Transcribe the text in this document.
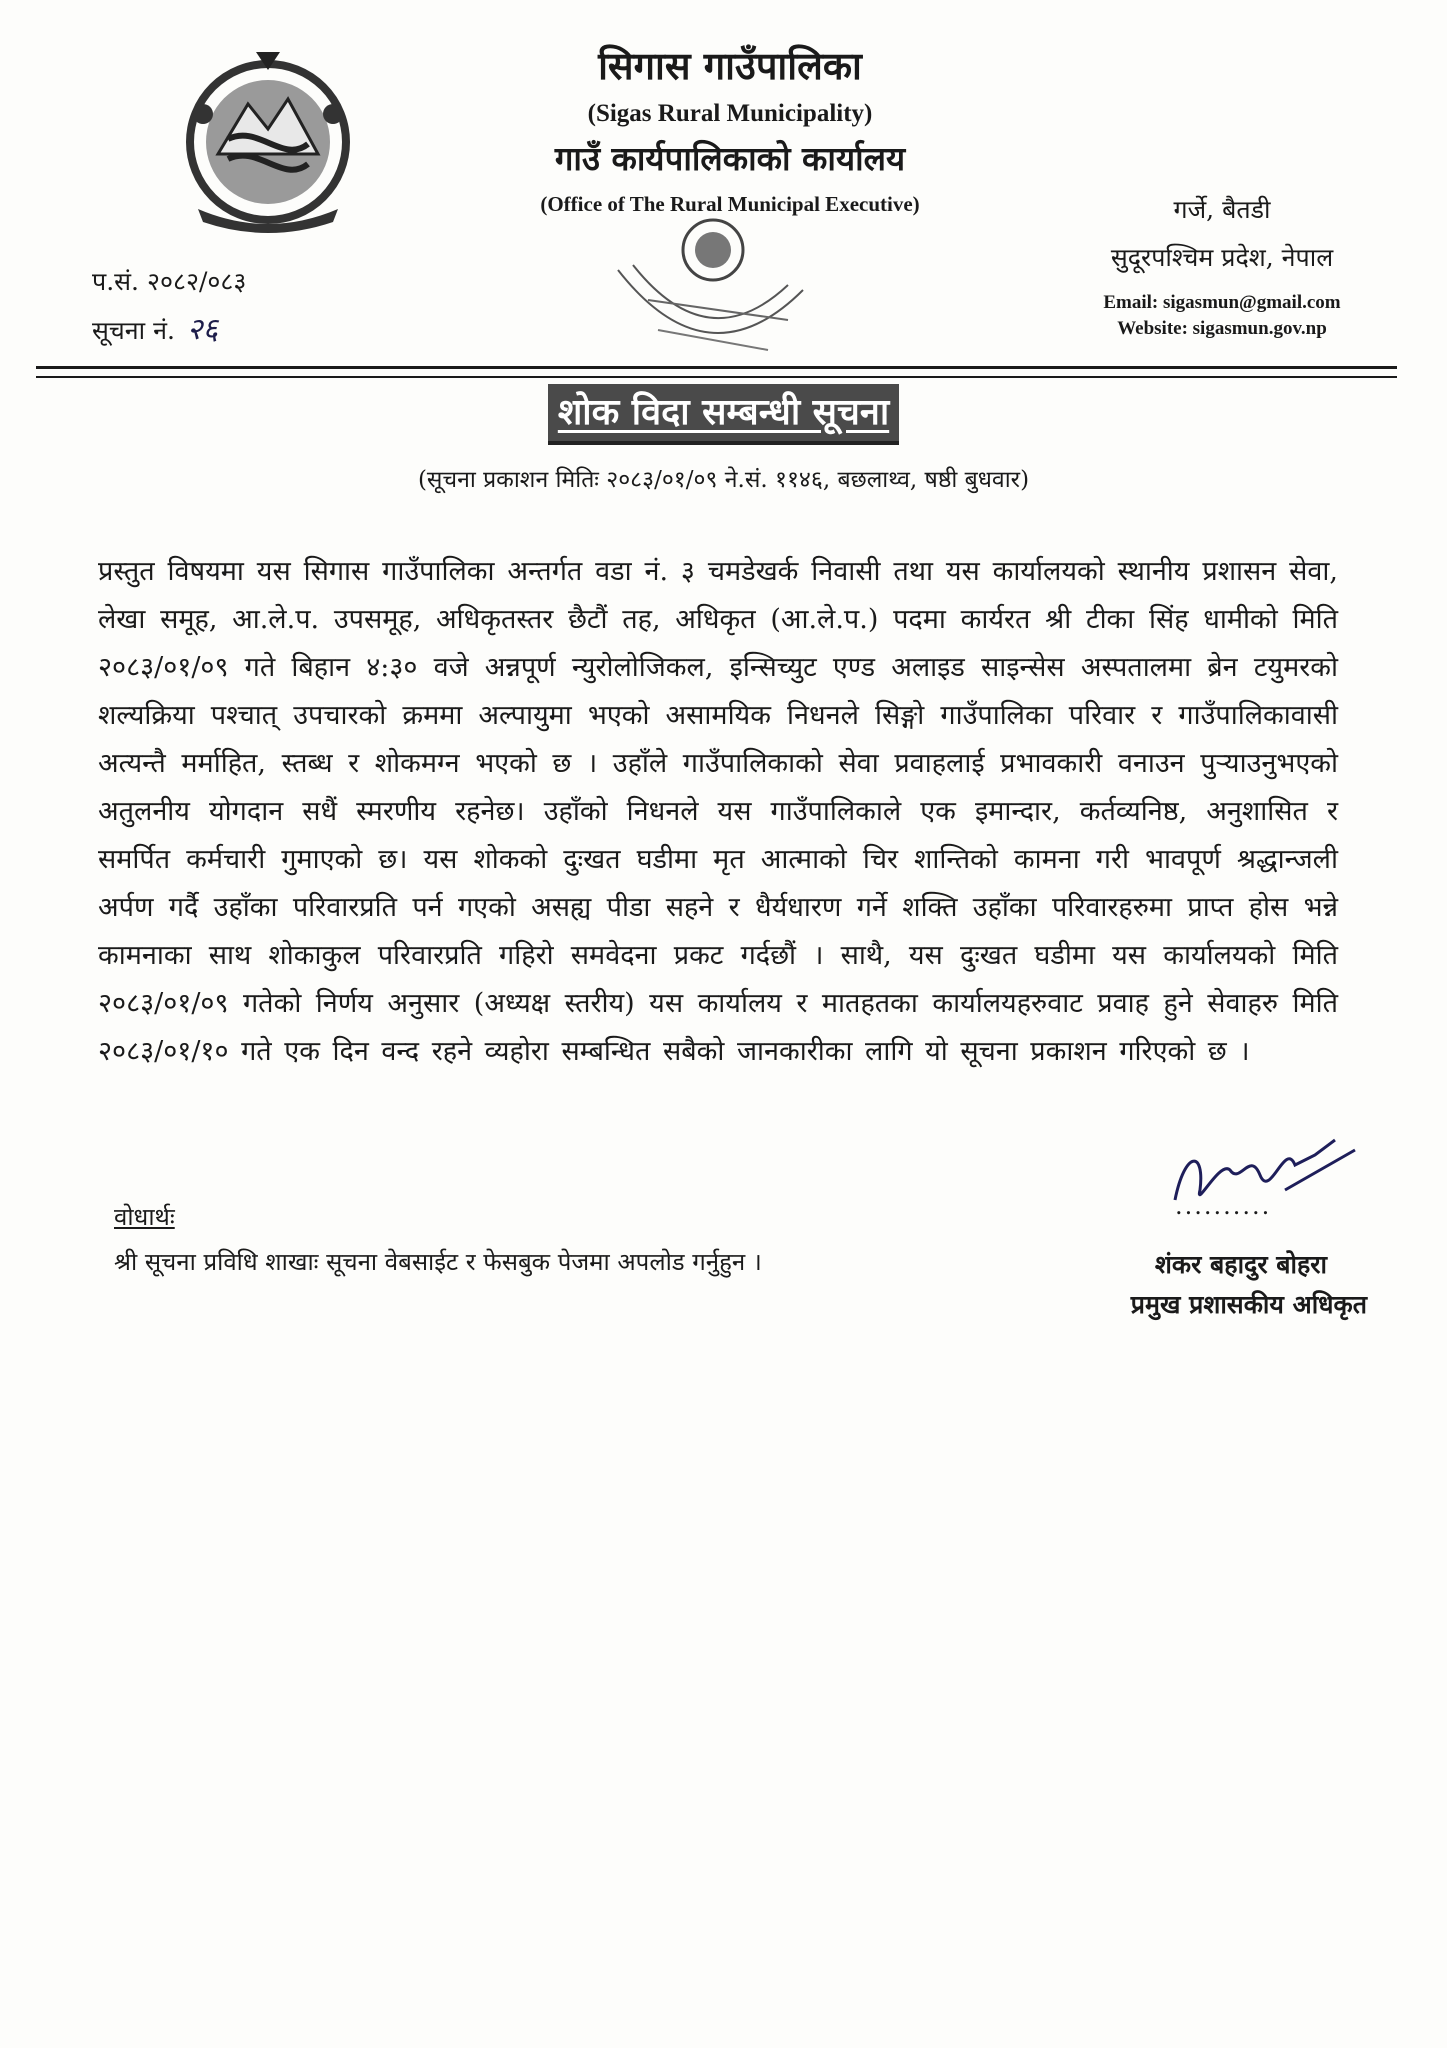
सिगास गाउँपालिका

(Sigas Rural Municipality)

गाउँ कार्यपालिकाको कार्यालय

(Office of The Rural Municipal Executive)	गर्जे, बैतडी
सुदूरपश्चिम प्रदेश, नेपाल
Email: sigasmun@gmail.com
Website: sigasmun.gov.np
प.सं. २०८२/०८३
सूचना नं. २६
शोक विदा सम्बन्धी सूचना
(सूचना प्रकाशन मितिः २०८३/०१/०९ ने.सं. ११४६, बछलाथ्व, षष्ठी बुधवार)
प्रस्तुत विषयमा यस सिगास गाउँपालिका अन्तर्गत वडा नं. ३ चमडेखर्क निवासी तथा यस कार्यालयको स्थानीय प्रशासन सेवा, लेखा समूह, आ.ले.प. उपसमूह, अधिकृतस्तर छैटौं तह, अधिकृत (आ.ले.प.) पदमा कार्यरत श्री टीका सिंह धामीको मिति २०८३/०१/०९ गते बिहान ४:३० वजे अन्नपूर्ण न्युरोलोजिकल, इन्सिच्युट एण्ड अलाइड साइन्सेस अस्पतालमा ब्रेन टयुमरको शल्यक्रिया पश्चात् उपचारको क्रममा अल्पायुमा भएको असामयिक निधनले सिङ्गो गाउँपालिका परिवार र गाउँपालिकावासी अत्यन्तै मर्माहित, स्तब्ध र शोकमग्न भएको छ । उहाँले गाउँपालिकाको सेवा प्रवाहलाई प्रभावकारी वनाउन पुऱ्याउनुभएको अतुलनीय योगदान सधैं स्मरणीय रहनेछ। उहाँको निधनले यस गाउँपालिकाले एक इमान्दार, कर्तव्यनिष्ठ, अनुशासित र समर्पित कर्मचारी गुमाएको छ। यस शोकको दुःखत घडीमा मृत आत्माको चिर शान्तिको कामना गरी भावपूर्ण श्रद्धान्जली अर्पण गर्दै उहाँका परिवारप्रति पर्न गएको असह्य पीडा सहने र धैर्यधारण गर्ने शक्ति उहाँका परिवारहरुमा प्राप्त होस भन्ने कामनाका साथ शोकाकुल परिवारप्रति गहिरो समवेदना प्रकट गर्दछौं । साथै, यस दुःखत घडीमा यस कार्यालयको मिति २०८३/०१/०९ गतेको निर्णय अनुसार (अध्यक्ष स्तरीय) यस कार्यालय र मातहतका कार्यालयहरुवाट प्रवाह हुने सेवाहरु मिति २०८३/०१/१० गते एक दिन वन्द रहने व्यहोरा सम्बन्धित सबैको जानकारीका लागि यो सूचना प्रकाशन गरिएको छ ।
..........
वोधार्थः
श्री सूचना प्रविधि शाखाः सूचना वेबसाईट र फेसबुक पेजमा अपलोड गर्नुहुन ।	शंकर बहादुर बोहरा
प्रमुख प्रशासकीय अधिकृत
